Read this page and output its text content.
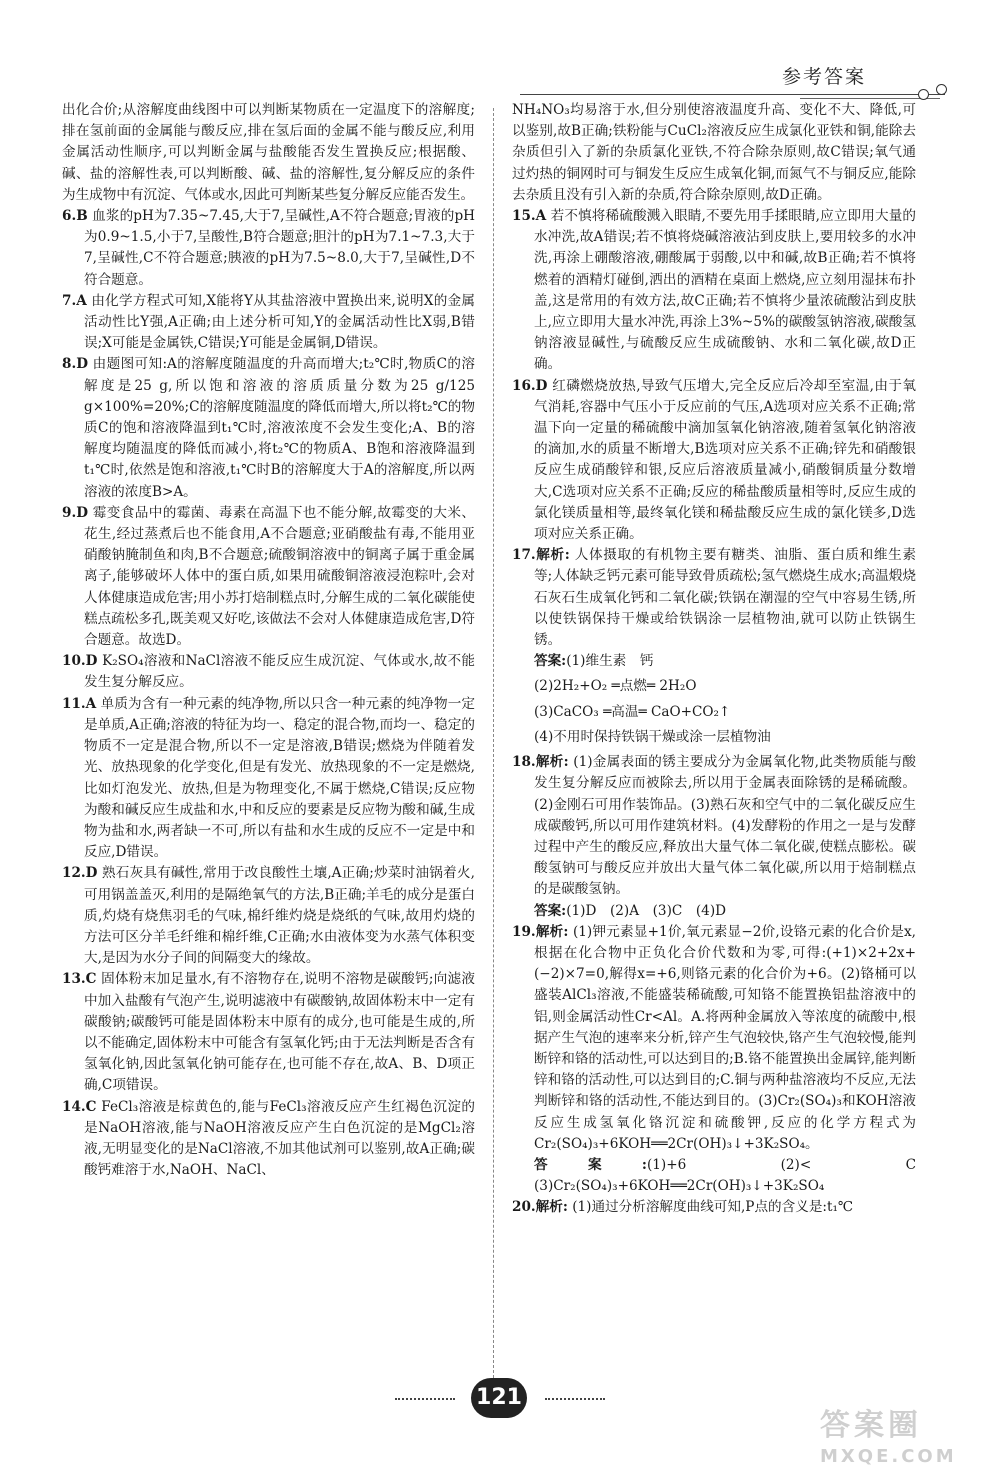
参考答案

出化合价;从溶解度曲线图中可以判断某物质在一定温度下的溶解度;排在氢前面的金属能与酸反应,排在氢后面的金属不能与酸反应,利用金属活动性顺序,可以判断金属与盐酸能否发生置换反应;根据酸、碱、盐的溶解性表,可以判断酸、碱、盐的溶解性,复分解反应的条件为生成物中有沉淀、气体或水,因此可判断某些复分解反应能否发生。

6.B 血浆的pH为7.35~7.45,大于7,呈碱性,A不符合题意;胃液的pH为0.9~1.5,小于7,呈酸性,B符合题意;胆汁的pH为7.1~7.3,大于7,呈碱性,C不符合题意;胰液的pH为7.5~8.0,大于7,呈碱性,D不符合题意。

7.A 由化学方程式可知,X能将Y从其盐溶液中置换出来,说明X的金属活动性比Y强,A正确;由上述分析可知,Y的金属活动性比X弱,B错误;X可能是金属铁,C错误;Y可能是金属铜,D错误。

8.D 由题图可知:A的溶解度随温度的升高而增大;t₂℃时,物质C的溶解度是25 g,所以饱和溶液的溶质质量分数为25 g/125 g×100%=20%;C的溶解度随温度的降低而增大,所以将t₂℃的物质C的饱和溶液降温到t₁℃时,溶液浓度不会发生变化;A、B的溶解度均随温度的降低而减小,将t₂℃的物质A、B饱和溶液降温到t₁℃时,依然是饱和溶液,t₁℃时B的溶解度大于A的溶解度,所以两溶液的浓度B>A。

9.D 霉变食品中的霉菌、毒素在高温下也不能分解,故霉变的大米、花生,经过蒸煮后也不能食用,A不合题意;亚硝酸盐有毒,不能用亚硝酸钠腌制鱼和肉,B不合题意;硫酸铜溶液中的铜离子属于重金属离子,能够破坏人体中的蛋白质,如果用硫酸铜溶液浸泡粽叶,会对人体健康造成危害;用小苏打焙制糕点时,分解生成的二氧化碳能使糕点疏松多孔,既美观又好吃,该做法不会对人体健康造成危害,D符合题意。故选D。

10.D K₂SO₄溶液和NaCl溶液不能反应生成沉淀、气体或水,故不能发生复分解反应。

11.A 单质为含有一种元素的纯净物,所以只含一种元素的纯净物一定是单质,A正确;溶液的特征为均一、稳定的混合物,而均一、稳定的物质不一定是混合物,所以不一定是溶液,B错误;燃烧为伴随着发光、放热现象的化学变化,但是有发光、放热现象的不一定是燃烧,比如灯泡发光、放热,但是为物理变化,不属于燃烧,C错误;反应物为酸和碱反应生成盐和水,中和反应的要素是反应物为酸和碱,生成物为盐和水,两者缺一不可,所以有盐和水生成的反应不一定是中和反应,D错误。

12.D 熟石灰具有碱性,常用于改良酸性土壤,A正确;炒菜时油锅着火,可用锅盖盖灭,利用的是隔绝氧气的方法,B正确;羊毛的成分是蛋白质,灼烧有烧焦羽毛的气味,棉纤维灼烧是烧纸的气味,故用灼烧的方法可区分羊毛纤维和棉纤维,C正确;水由液体变为水蒸气体积变大,是因为水分子间的间隔变大的缘故。

13.C 固体粉末加足量水,有不溶物存在,说明不溶物是碳酸钙;向滤液中加入盐酸有气泡产生,说明滤液中有碳酸钠,故固体粉末中一定有碳酸钠;碳酸钙可能是固体粉末中原有的成分,也可能是生成的,所以不能确定,固体粉末中可能含有氢氧化钙;由于无法判断是否含有氢氧化钠,因此氢氧化钠可能存在,也可能不存在,故A、B、D项正确,C项错误。

14.C FeCl₃溶液是棕黄色的,能与FeCl₃溶液反应产生红褐色沉淀的是NaOH溶液,能与NaOH溶液反应产生白色沉淀的是MgCl₂溶液,无明显变化的是NaCl溶液,不加其他试剂可以鉴别,故A正确;碳酸钙难溶于水,NaOH、NaCl、

NH₄NO₃均易溶于水,但分别使溶液温度升高、变化不大、降低,可以鉴别,故B正确;铁粉能与CuCl₂溶液反应生成氯化亚铁和铜,能除去杂质但引入了新的杂质氯化亚铁,不符合除杂原则,故C错误;氧气通过灼热的铜网时可与铜发生反应生成氧化铜,而氮气不与铜反应,能除去杂质且没有引入新的杂质,符合除杂原则,故D正确。

15.A 若不慎将稀硫酸溅入眼睛,不要先用手揉眼睛,应立即用大量的水冲洗,故A错误;若不慎将烧碱溶液沾到皮肤上,要用较多的水冲洗,再涂上硼酸溶液,硼酸属于弱酸,以中和碱,故B正确;若不慎将燃着的酒精灯碰倒,洒出的酒精在桌面上燃烧,应立刻用湿抹布扑盖,这是常用的有效方法,故C正确;若不慎将少量浓硫酸沾到皮肤上,应立即用大量水冲洗,再涂上3%~5%的碳酸氢钠溶液,碳酸氢钠溶液显碱性,与硫酸反应生成硫酸钠、水和二氧化碳,故D正确。

16.D 红磷燃烧放热,导致气压增大,完全反应后冷却至室温,由于氧气消耗,容器中气压小于反应前的气压,A选项对应关系不正确;常温下向一定量的稀硫酸中滴加氢氧化钠溶液,随着氢氧化钠溶液的滴加,水的质量不断增大,B选项对应关系不正确;锌先和硝酸银反应生成硝酸锌和银,反应后溶液质量减小,硝酸铜质量分数增大,C选项对应关系不正确;反应的稀盐酸质量相等时,反应生成的氯化镁质量相等,最终氧化镁和稀盐酸反应生成的氯化镁多,D选项对应关系正确。

17.解析: 人体摄取的有机物主要有糖类、油脂、蛋白质和维生素等;人体缺乏钙元素可能导致骨质疏松;氢气燃烧生成水;高温煅烧石灰石生成氧化钙和二氧化碳;铁锅在潮湿的空气中容易生锈,所以使铁锅保持干燥或给铁锅涂一层植物油,就可以防止铁锅生锈。

答案:(1)维生素　钙

(2)2H₂+O₂ ═点燃═ 2H₂O

(3)CaCO₃ ═高温═ CaO+CO₂↑

(4)不用时保持铁锅干燥或涂一层植物油

18.解析: (1)金属表面的锈主要成分为金属氧化物,此类物质能与酸发生复分解反应而被除去,所以用于金属表面除锈的是稀硫酸。(2)金刚石可用作装饰品。(3)熟石灰和空气中的二氧化碳反应生成碳酸钙,所以可用作建筑材料。(4)发酵粉的作用之一是与发酵过程中产生的酸反应,释放出大量气体二氧化碳,使糕点膨松。碳酸氢钠可与酸反应并放出大量气体二氧化碳,所以用于焙制糕点的是碳酸氢钠。

答案:(1)D　(2)A　(3)C　(4)D

19.解析: (1)钾元素显+1价,氧元素显−2价,设铬元素的化合价是x,根据在化合物中正负化合价代数和为零,可得:(+1)×2+2x+(−2)×7=0,解得x=+6,则铬元素的化合价为+6。(2)铬桶可以盛装AlCl₃溶液,不能盛装稀硫酸,可知铬不能置换铝盐溶液中的铝,则金属活动性Cr<Al。A.将两种金属放入等浓度的硫酸中,根据产生气泡的速率来分析,锌产生气泡较快,铬产生气泡较慢,能判断锌和铬的活动性,可以达到目的;B.铬不能置换出金属锌,能判断锌和铬的活动性,可以达到目的;C.铜与两种盐溶液均不反应,无法判断锌和铬的活动性,不能达到目的。(3)Cr₂(SO₄)₃和KOH溶液反应生成氢氧化铬沉淀和硫酸钾,反应的化学方程式为Cr₂(SO₄)₃+6KOH══2Cr(OH)₃↓+3K₂SO₄。

答案:(1)+6　(2)<　C　(3)Cr₂(SO₄)₃+6KOH══2Cr(OH)₃↓+3K₂SO₄

20.解析: (1)通过分析溶解度曲线可知,P点的含义是:t₁℃

121
答案圈
MXQE.COM
